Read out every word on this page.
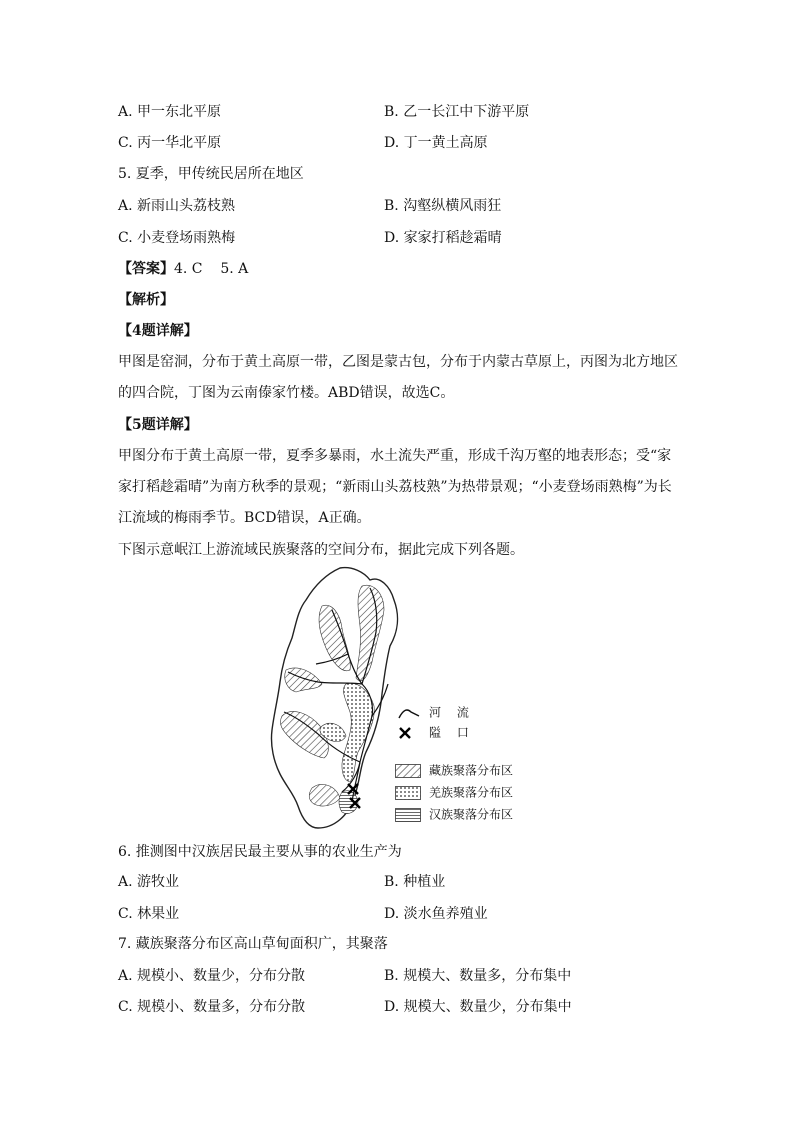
A. 甲一东北平原	B. 乙一长江中下游平原
C. 丙一华北平原	D. 丁一黄土高原
5. 夏季，甲传统民居所在地区
A. 新雨山头荔枝熟	B. 沟壑纵横风雨狂
C. 小麦登场雨熟梅	D. 家家打稻趁霜晴
【答案】4. C    5. A
【解析】
【4题详解】
甲图是窑洞，分布于黄土高原一带，乙图是蒙古包，分布于内蒙古草原上，丙图为北方地区的四合院，丁图为云南傣家竹楼。ABD错误，故选C。
【5题详解】
甲图分布于黄土高原一带，夏季多暴雨，水土流失严重，形成千沟万壑的地表形态；受“家家打稻趁霜晴”为南方秋季的景观；“新雨山头荔枝熟”为热带景观；“小麦登场雨熟梅”为长江流域的梅雨季节。BCD错误，A正确。
下图示意岷江上游流域民族聚落的空间分布，据此完成下列各题。
河 流
隘 口
藏族聚落分布区
羌族聚落分布区
汉族聚落分布区
6. 推测图中汉族居民最主要从事的农业生产为
A. 游牧业	B. 种植业
C. 林果业	D. 淡水鱼养殖业
7. 藏族聚落分布区高山草甸面积广，其聚落
A. 规模小、数量少，分布分散	B. 规模大、数量多，分布集中
C. 规模小、数量多，分布分散	D. 规模大、数量少，分布集中
